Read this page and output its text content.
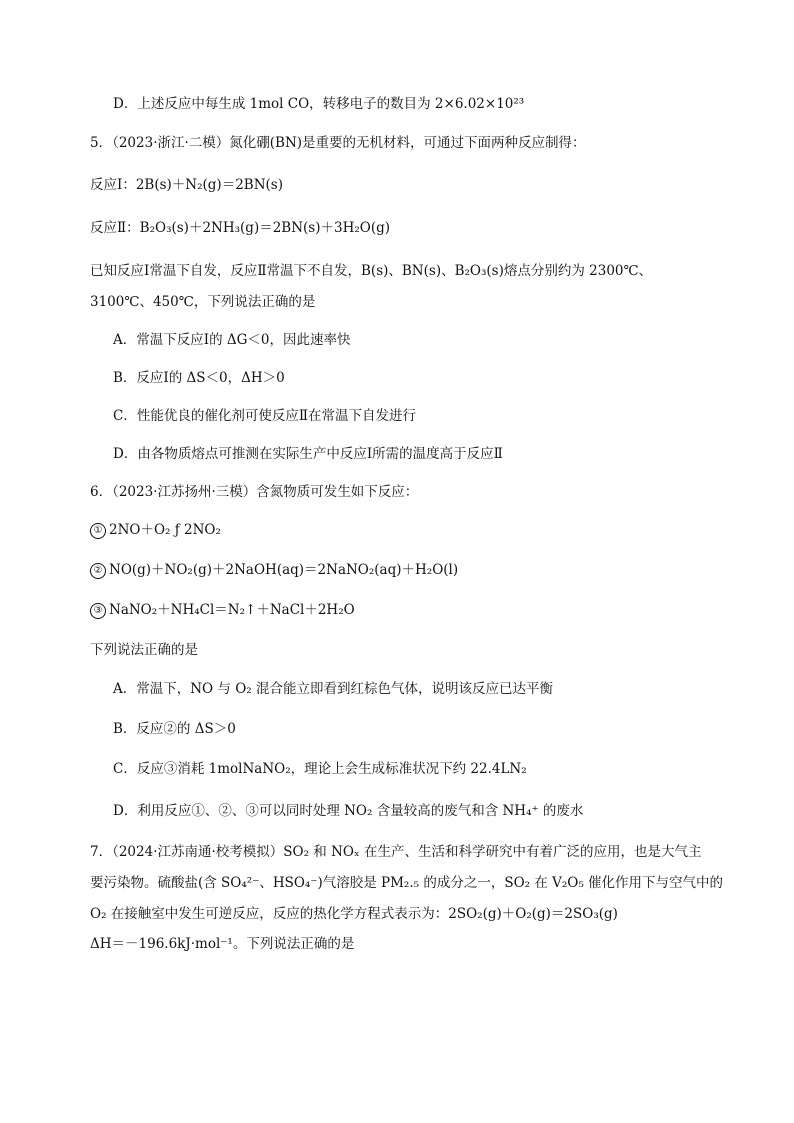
D．上述反应中每生成 1mol CO，转移电子的数目为 2×6.02×10²³
5．（2023·浙江·二模）氮化硼(BN)是重要的无机材料，可通过下面两种反应制得：
反应Ⅰ：2B(s)＋N₂(g)＝2BN(s)
反应Ⅱ：B₂O₃(s)＋2NH₃(g)＝2BN(s)＋3H₂O(g)
已知反应Ⅰ常温下自发，反应Ⅱ常温下不自发，B(s)、BN(s)、B₂O₃(s)熔点分别约为 2300℃、
3100℃、450℃，下列说法正确的是
A．常温下反应Ⅰ的 ΔG＜0，因此速率快
B．反应Ⅰ的 ΔS＜0，ΔH＞0
C．性能优良的催化剂可使反应Ⅱ在常温下自发进行
D．由各物质熔点可推测在实际生产中反应Ⅰ所需的温度高于反应Ⅱ
6．（2023·江苏扬州·三模）含氮物质可发生如下反应：
① 2NO＋O₂ ƒ 2NO₂
② NO(g)＋NO₂(g)＋2NaOH(aq)＝2NaNO₂(aq)＋H₂O(l)
③ NaNO₂＋NH₄Cl＝N₂↑＋NaCl＋2H₂O
下列说法正确的是
A．常温下，NO 与 O₂ 混合能立即看到红棕色气体，说明该反应已达平衡
B．反应②的 ΔS＞0
C．反应③消耗 1molNaNO₂，理论上会生成标准状况下约 22.4LN₂
D．利用反应①、②、③可以同时处理 NO₂ 含量较高的废气和含 NH₄⁺ 的废水
7．（2024·江苏南通·校考模拟）SO₂ 和 NOₓ 在生产、生活和科学研究中有着广泛的应用，也是大气主
要污染物。硫酸盐(含 SO₄²⁻、HSO₄⁻)气溶胶是 PM₂.₅ 的成分之一，SO₂ 在 V₂O₅ 催化作用下与空气中的
O₂ 在接触室中发生可逆反应，反应的热化学方程式表示为：2SO₂(g)＋O₂(g)＝2SO₃(g)
ΔH＝－196.6kJ·mol⁻¹。下列说法正确的是
